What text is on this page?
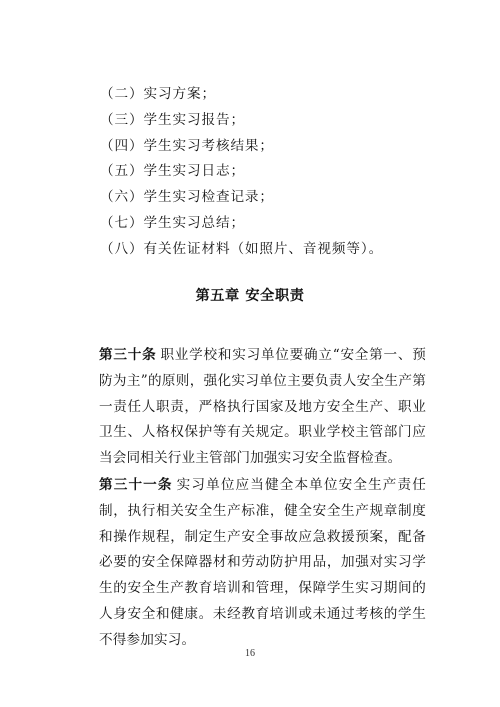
（二）实习方案；
（三）学生实习报告；
（四）学生实习考核结果；
（五）学生实习日志；
（六）学生实习检查记录；
（七）学生实习总结；
（八）有关佐证材料（如照片、音视频等）。
第五章 安全职责
第三十条 职业学校和实习单位要确立“安全第一、预防为主”的原则，强化实习单位主要负责人安全生产第一责任人职责，严格执行国家及地方安全生产、职业卫生、人格权保护等有关规定。职业学校主管部门应当会同相关行业主管部门加强实习安全监督检查。
第三十一条 实习单位应当健全本单位安全生产责任制，执行相关安全生产标准，健全安全生产规章制度和操作规程，制定生产安全事故应急救援预案，配备必要的安全保障器材和劳动防护用品，加强对实习学生的安全生产教育培训和管理，保障学生实习期间的人身安全和健康。未经教育培训或未通过考核的学生不得参加实习。
16
